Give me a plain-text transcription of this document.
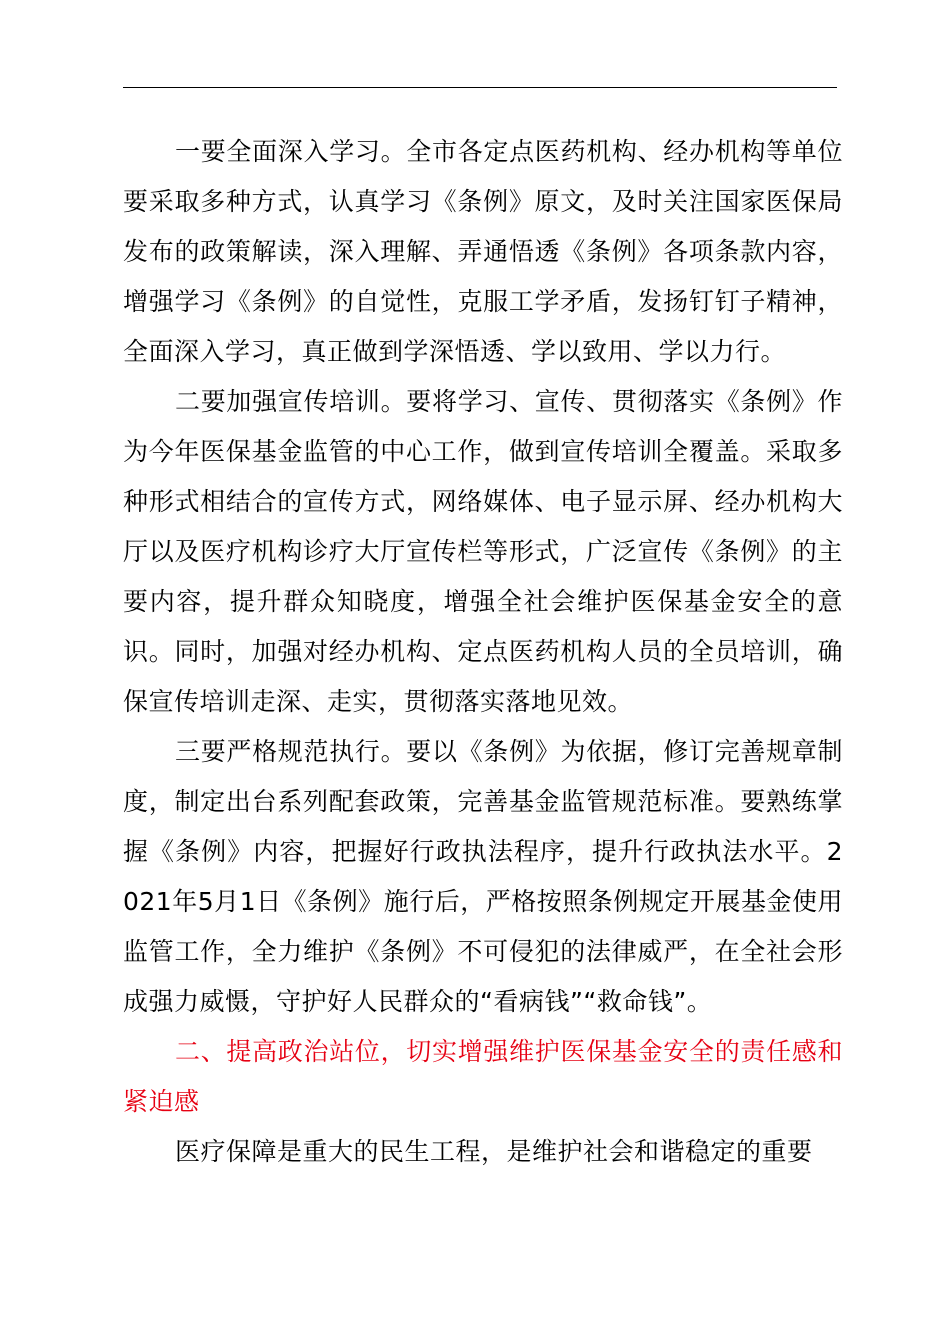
一要全面深入学习。全市各定点医药机构、经办机构等单位要采取多种方式，认真学习《条例》原文，及时关注国家医保局发布的政策解读，深入理解、弄通悟透《条例》各项条款内容，增强学习《条例》的自觉性，克服工学矛盾，发扬钉钉子精神，全面深入学习，真正做到学深悟透、学以致用、学以力行。

二要加强宣传培训。要将学习、宣传、贯彻落实《条例》作为今年医保基金监管的中心工作，做到宣传培训全覆盖。采取多种形式相结合的宣传方式，网络媒体、电子显示屏、经办机构大厅以及医疗机构诊疗大厅宣传栏等形式，广泛宣传《条例》的主要内容，提升群众知晓度，增强全社会维护医保基金安全的意识。同时，加强对经办机构、定点医药机构人员的全员培训，确保宣传培训走深、走实，贯彻落实落地见效。

三要严格规范执行。要以《条例》为依据，修订完善规章制度，制定出台系列配套政策，完善基金监管规范标准。要熟练掌握《条例》内容，把握好行政执法程序，提升行政执法水平。2021年5月1日《条例》施行后，严格按照条例规定开展基金使用监管工作，全力维护《条例》不可侵犯的法律威严，在全社会形成强力威慑，守护好人民群众的“看病钱”“救命钱”。

二、提高政治站位，切实增强维护医保基金安全的责任感和紧迫感

医疗保障是重大的民生工程，是维护社会和谐稳定的重要
